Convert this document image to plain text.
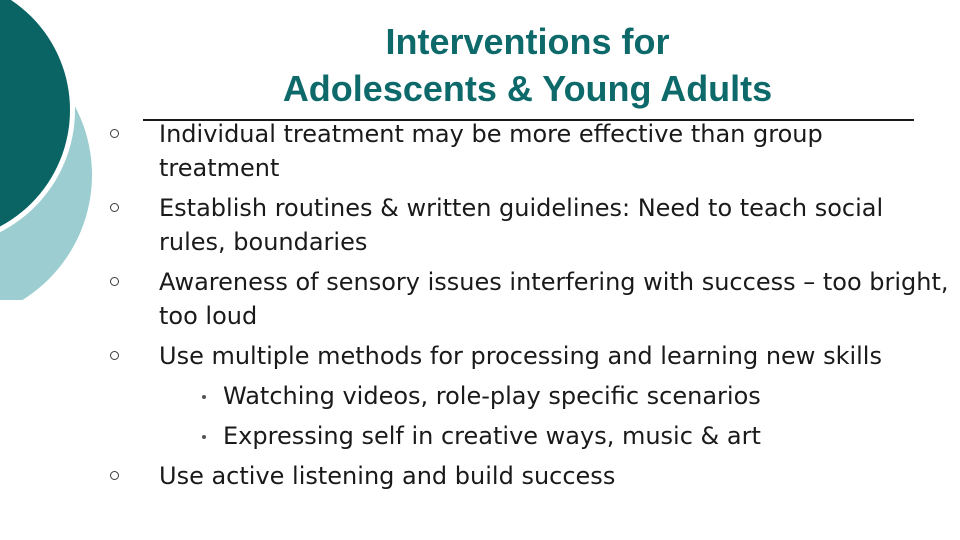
Interventions for
Adolescents & Young Adults
Individual treatment may be more effective than group treatment
Establish routines & written guidelines: Need to teach social rules, boundaries
Awareness of sensory issues interfering with success – too bright, too loud
Use multiple methods for processing and learning new skills
Watching videos, role-play specific scenarios
Expressing self in creative ways, music & art
Use active listening and build success
